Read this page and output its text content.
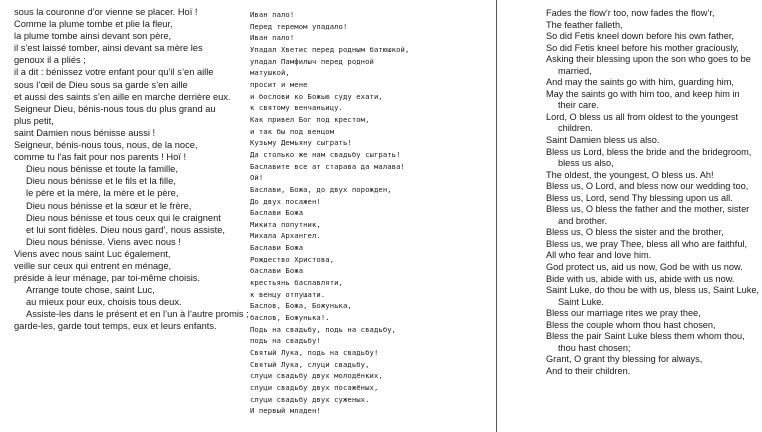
sous la couronne d’or vienne se placer. Hoï !
Comme la plume tombe et plie la fleur,
la plume tombe ainsi devant son père,
il s’est laissé tomber, ainsi devant sa mère les
genoux il a pliés ;
il a dit : bénissez votre enfant pour qu’il s’en aille
sous l’œil de Dieu sous sa garde s’en aille
et aussi des saints s’en aille en marche derrière eux.
Seigneur Dieu, bénis-nous tous du plus grand au
plus petit,
saint Damien nous bénisse aussi !
Seigneur, bénis-nous tous, nous, de la noce,
comme tu l’as fait pour nos parents ! Hoï !
Dieu nous bénisse et toute la famille,
Dieu nous bénisse et le fils et la fille,
le père et la mère, la mère et le père,
Dieu nous bénisse et la sœur et le frère,
Dieu nous bénisse et tous ceux qui le craignent
et lui sont fidèles. Dieu nous gard’, nous assiste,
Dieu nous bénisse. Viens avec nous !
Viens avec nous saint Luc également,
veille sur ceux qui entrent en ménage,
préside à leur ménage, par toi-même choisis.
Arrange toute chose, saint Luc,
au mieux pour eux, choisis tous deux.
Assiste-les dans le présent et en l’un à l’autre promis ;
garde-les, garde tout temps, eux et leurs enfants.
Иван пало!
Перед теремом упадало!
Иван пало!
Упадал Хветис перед родным батюшкой,
упадал Памфилыч перед родной
матушкой,
просит и мене
и бослови ко Божью суду ехати,
к святому венчаньицу.
Как привел Бог под крестом,
и так бы под венцом
Кузьму Демьяну сыграть!
Да столько же нам свадьбу сыграть!
Баславите все ат старава да малава!
Ой!
Баслави, Божа, до двух порожден,
До двух посажен!
Баслави Божа
Микита попутник,
Михала Архангел.
Баслави Божа
Рождество Христова,
баслави Божа
крестьянь баславляти,
к венцу отпушати.
Баслов, Божа, Божунька,
баслов, Божунька!.
Подь на свадьбу, подь на свадьбу,
подь на свадьбу!
Святый Лука, подь на свадьбу!
Святый Лука, слуци свадьбу,
слуци свадьбу двух молодёнких,
слуци свадьбу двух посажёных,
слуци свадьбу двух суженых.
И первый младен!
Fades the flow’r too, now fades the flow’r,
The feather falleth,
So did Fetis kneel down before his own father,
So did Fetis kneel before his mother graciously,
Asking their blessing upon the son who goes to be
married,
And may the saints go with him, guarding him,
May the saints go with him too, and keep him in
their care.
Lord, O bless us all from oldest to the youngest
children.
Saint Damien bless us also.
Bless us Lord, bless the bride and the bridegroom,
bless us also,
The oldest, the youngest, O bless us. Ah!
Bless us, O Lord, and bless now our wedding too,
Bless us, Lord, send Thy blessing upon us all.
Bless us, O bless the father and the mother, sister
and brother.
Bless us, O bless the sister and the brother,
Bless us, we pray Thee, bless all who are faithful,
All who fear and love him.
God protect us, aid us now, God be with us now.
Bide with us, abide with us, abide with us now.
Saint Luke, do thou be with us, bless us, Saint Luke,
Saint Luke.
Bless our marriage rites we pray thee,
Bless the couple whom thou hast chosen,
Bless the pair Saint Luke bless them whom thou,
thou hast chosen;
Grant, O grant thy blessing for always,
And to their children.
